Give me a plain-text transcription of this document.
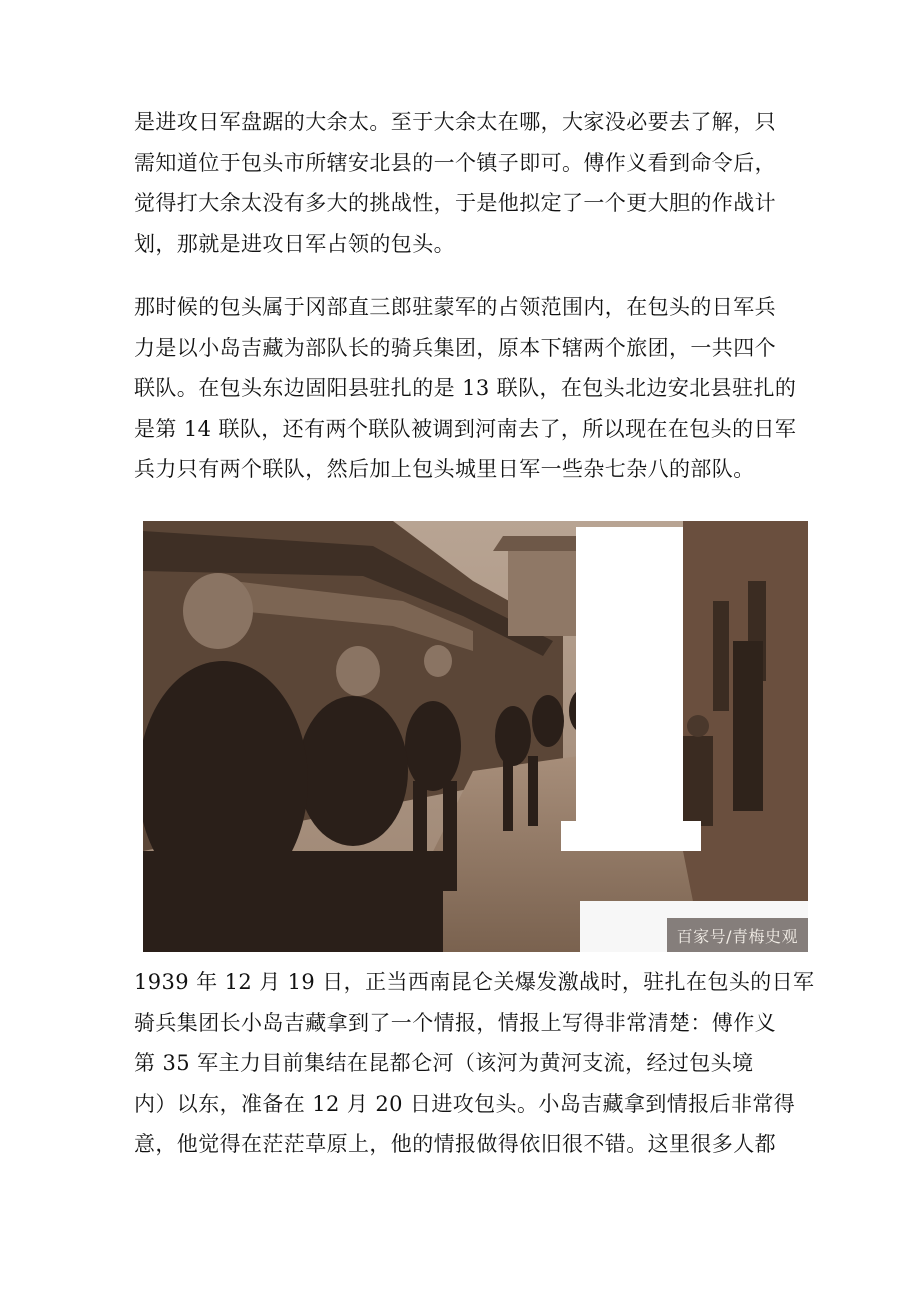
是进攻日军盘踞的大余太。至于大余太在哪，大家没必要去了解，只
需知道位于包头市所辖安北县的一个镇子即可。傅作义看到命令后，
觉得打大余太没有多大的挑战性，于是他拟定了一个更大胆的作战计
划，那就是进攻日军占领的包头。
那时候的包头属于冈部直三郎驻蒙军的占领范围内，在包头的日军兵
力是以小岛吉藏为部队长的骑兵集团，原本下辖两个旅团，一共四个
联队。在包头东边固阳县驻扎的是 13 联队，在包头北边安北县驻扎的
是第 14 联队，还有两个联队被调到河南去了，所以现在在包头的日军
兵力只有两个联队，然后加上包头城里日军一些杂七杂八的部队。
百家号/青梅史观
1939 年 12 月 19 日，正当西南昆仑关爆发激战时，驻扎在包头的日军
骑兵集团长小岛吉藏拿到了一个情报，情报上写得非常清楚：傅作义
第 35 军主力目前集结在昆都仑河（该河为黄河支流，经过包头境
内）以东，准备在 12 月 20 日进攻包头。小岛吉藏拿到情报后非常得
意，他觉得在茫茫草原上，他的情报做得依旧很不错。这里很多人都
